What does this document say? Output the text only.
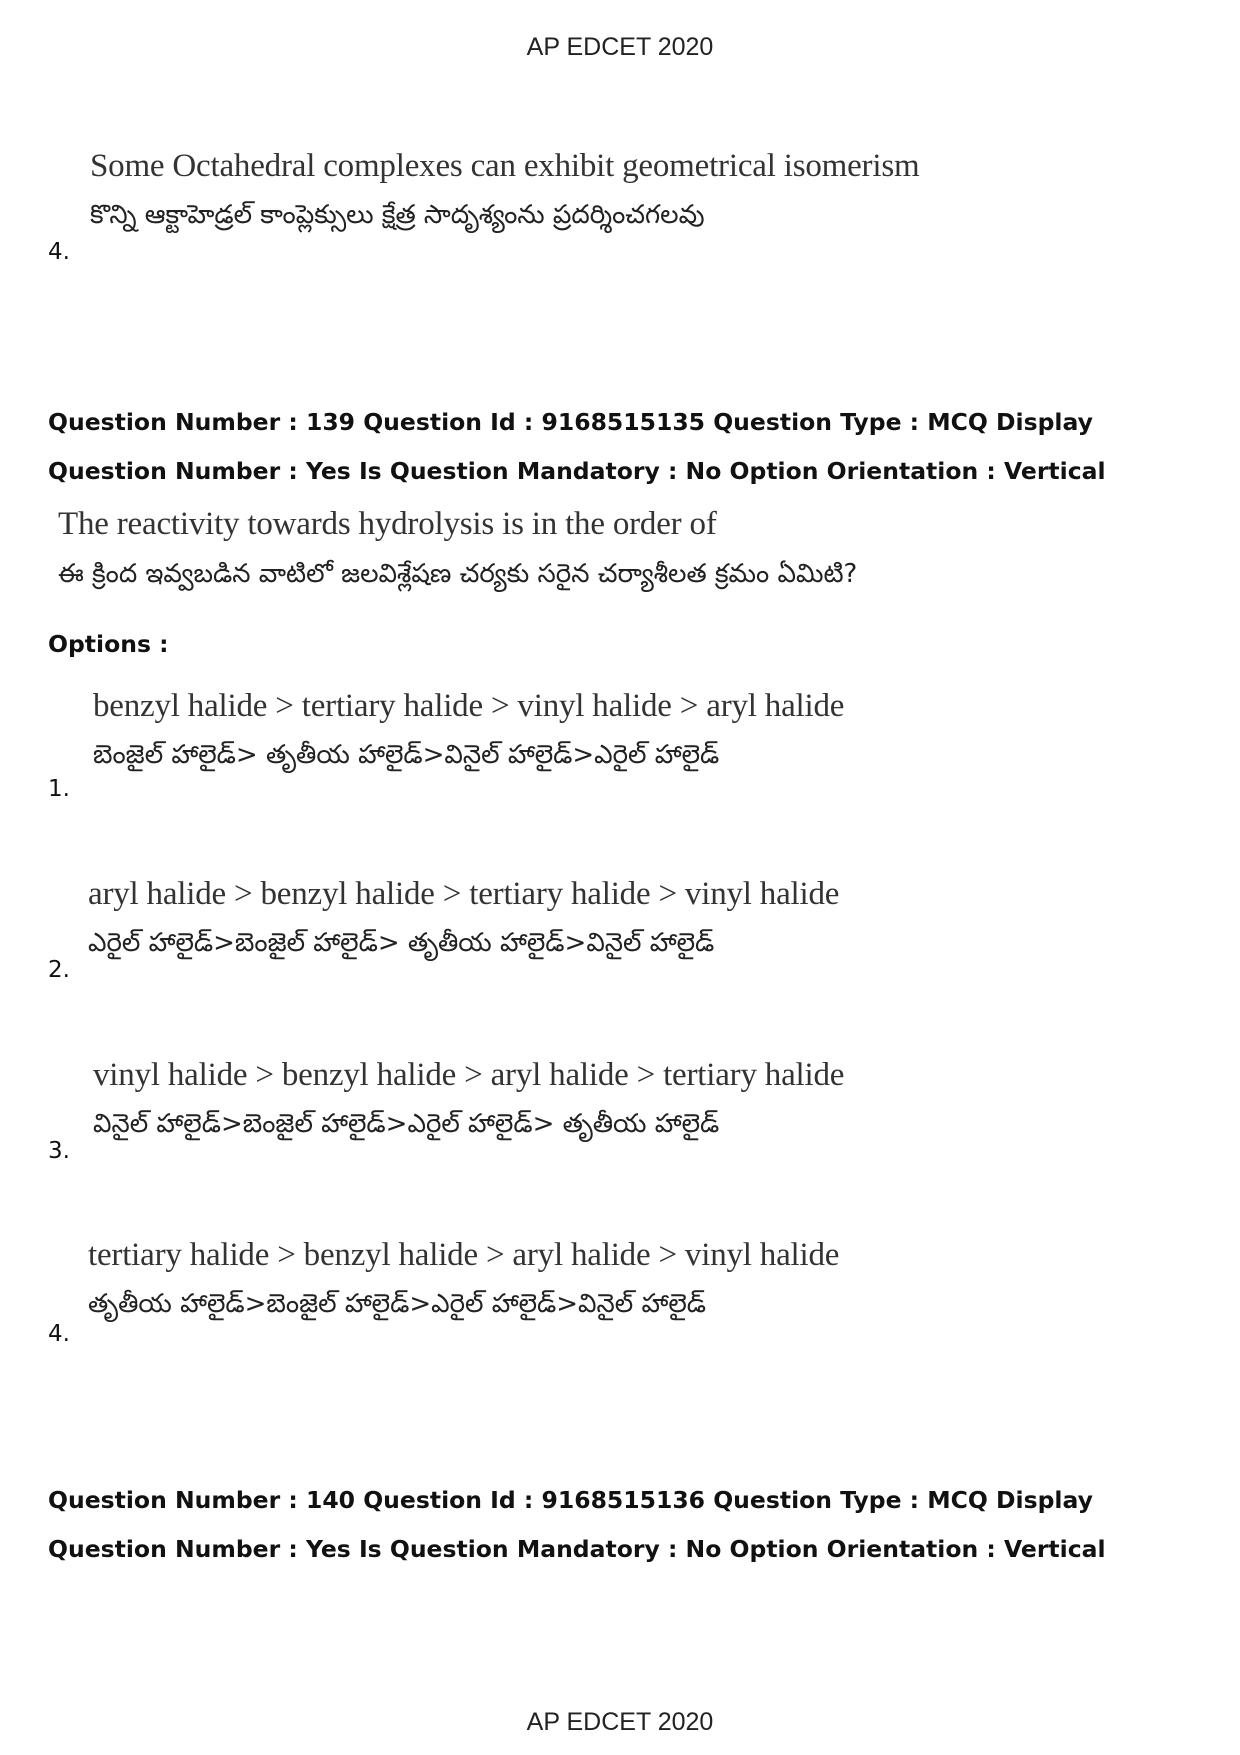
AP EDCET 2020
Some Octahedral complexes can exhibit geometrical isomerism
కొన్ని ఆక్టాహెడ్రల్ కాంప్లెక్సులు క్షేత్ర సాదృశ్యంను ప్రదర్శించగలవు
4.
Question Number : 139 Question Id : 9168515135 Question Type : MCQ Display Question Number : Yes Is Question Mandatory : No Option Orientation : Vertical
The reactivity towards hydrolysis is in the order of
ఈ క్రింద ఇవ్వబడిన వాటిలో జలవిశ్లేషణ చర్యకు సరైన చర్యాశీలత క్రమం ఏమిటి?
Options :
benzyl halide > tertiary halide > vinyl halide > aryl halide
బెంజైల్ హాలైడ్> తృతీయ హాలైడ్>వినైల్ హాలైడ్>ఎరైల్ హాలైడ్
1.
aryl halide > benzyl halide > tertiary halide > vinyl halide
ఎరైల్ హాలైడ్>బెంజైల్ హాలైడ్> తృతీయ హాలైడ్>వినైల్ హాలైడ్
2.
vinyl halide > benzyl halide > aryl halide > tertiary halide
వినైల్ హాలైడ్>బెంజైల్ హాలైడ్>ఎరైల్ హాలైడ్> తృతీయ హాలైడ్
3.
tertiary halide > benzyl halide > aryl halide > vinyl halide
తృతీయ హాలైడ్>బెంజైల్ హాలైడ్>ఎరైల్ హాలైడ్>వినైల్ హాలైడ్
4.
Question Number : 140 Question Id : 9168515136 Question Type : MCQ Display Question Number : Yes Is Question Mandatory : No Option Orientation : Vertical
AP EDCET 2020
